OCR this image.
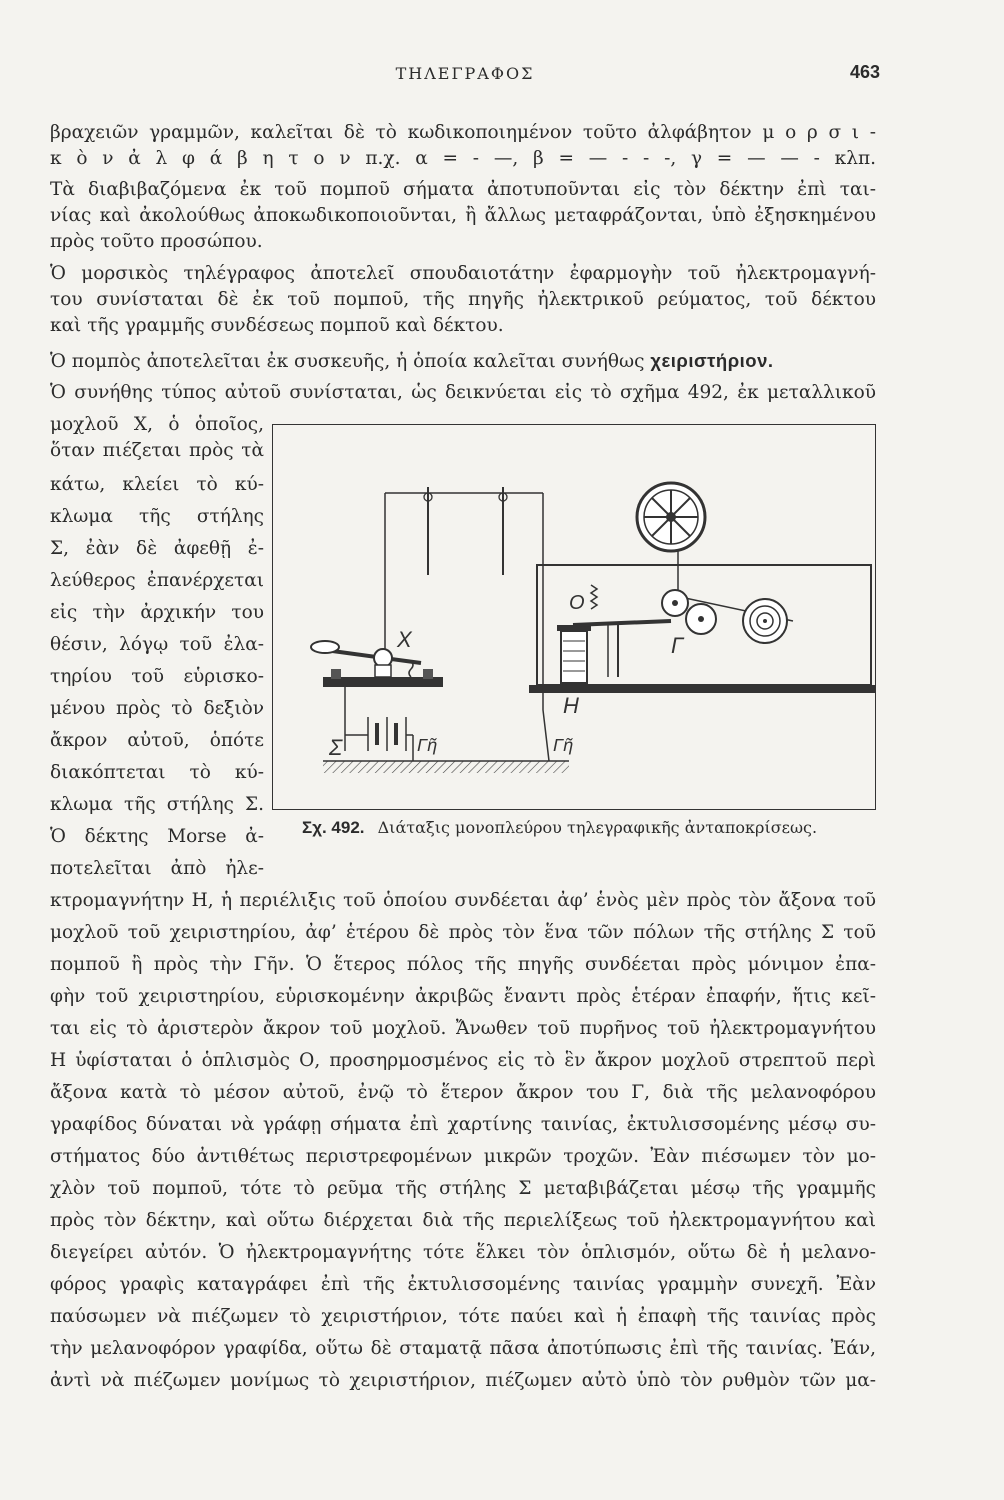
ΤΗΛΕΓΡΑΦΟΣ	463
βραχειῶν γραμμῶν, καλεῖται δὲ τὸ κωδικοποιημένον τοῦτο ἀλφάβητον μ ο ρ σ ι -
κ ὸ ν ἀ λ φ ά β η τ ο ν π.χ. α = - —, β = — - - -, γ = — — - κλπ.
Τὰ διαβιβαζόμενα ἐκ τοῦ πομποῦ σήματα ἀποτυποῦνται εἰς τὸν δέκτην ἐπὶ ται-
νίας καὶ ἀκολούθως ἀποκωδικοποιοῦνται, ἢ ἄλλως μεταφράζονται, ὑπὸ ἐξησκημένου
πρὸς τοῦτο προσώπου.
Ὁ μορσικὸς τηλέγραφος ἀποτελεῖ σπουδαιοτάτην ἐφαρμογὴν τοῦ ἠλεκτρομαγνή-
του συνίσταται δὲ ἐκ τοῦ πομποῦ, τῆς πηγῆς ἠλεκτρικοῦ ρεύματος, τοῦ δέκτου
καὶ τῆς γραμμῆς συνδέσεως πομποῦ καὶ δέκτου.
Ὁ πομπὸς ἀποτελεῖται ἐκ συσκευῆς, ἡ ὁποία καλεῖται συνήθως χειριστήριον.
Ὁ συνήθης τύπος αὐτοῦ συνίσταται, ὡς δεικνύεται εἰς τὸ σχῆμα 492, ἐκ μεταλλικοῦ
μοχλοῦ Χ, ὁ ὁποῖος,
ὅταν πιέζεται πρὸς τὰ
κάτω, κλείει τὸ κύ-
κλωμα τῆς στήλης
Σ, ἐὰν δὲ ἀφεθῇ ἐ-
λεύθερος ἐπανέρχεται
εἰς τὴν ἀρχικήν του
θέσιν, λόγῳ τοῦ ἐλα-
τηρίου τοῦ εὑρισκο-
μένου πρὸς τὸ δεξιὸν
ἄκρον αὐτοῦ, ὁπότε
διακόπτεται τὸ κύ-
κλωμα τῆς στήλης Σ.
Ὁ δέκτης Morse ἀ-
ποτελεῖται ἀπὸ ἠλε-
X
Σ	Γῆ	Γῆ
H
O
Γ
Σχ. 492. Διάταξις μονοπλεύρου τηλεγραφικῆς ἀνταποκρίσεως.
κτρομαγνήτην Η, ἡ περιέλιξις τοῦ ὁποίου συνδέεται ἀφ’ ἑνὸς μὲν πρὸς τὸν ἄξονα τοῦ
μοχλοῦ τοῦ χειριστηρίου, ἀφ’ ἑτέρου δὲ πρὸς τὸν ἕνα τῶν πόλων τῆς στήλης Σ τοῦ
πομποῦ ἢ πρὸς τὴν Γῆν. Ὁ ἕτερος πόλος τῆς πηγῆς συνδέεται πρὸς μόνιμον ἐπα-
φὴν τοῦ χειριστηρίου, εὑρισκομένην ἀκριβῶς ἔναντι πρὸς ἑτέραν ἐπαφήν, ἥτις κεῖ-
ται εἰς τὸ ἀριστερὸν ἄκρον τοῦ μοχλοῦ. Ἄνωθεν τοῦ πυρῆνος τοῦ ἠλεκτρομαγνήτου
Η ὑφίσταται ὁ ὁπλισμὸς Ο, προσηρμοσμένος εἰς τὸ ἓν ἄκρον μοχλοῦ στρεπτοῦ περὶ
ἄξονα κατὰ τὸ μέσον αὐτοῦ, ἐνῷ τὸ ἕτερον ἄκρον του Γ, διὰ τῆς μελανοφόρου
γραφίδος δύναται νὰ γράφῃ σήματα ἐπὶ χαρτίνης ταινίας, ἐκτυλισσομένης μέσῳ συ-
στήματος δύο ἀντιθέτως περιστρεφομένων μικρῶν τροχῶν. Ἐὰν πιέσωμεν τὸν μο-
χλὸν τοῦ πομποῦ, τότε τὸ ρεῦμα τῆς στήλης Σ μεταβιβάζεται μέσῳ τῆς γραμμῆς
πρὸς τὸν δέκτην, καὶ οὕτω διέρχεται διὰ τῆς περιελίξεως τοῦ ἠλεκτρομαγνήτου καὶ
διεγείρει αὐτόν. Ὁ ἠλεκτρομαγνήτης τότε ἕλκει τὸν ὁπλισμόν, οὕτω δὲ ἡ μελανο-
φόρος γραφὶς καταγράφει ἐπὶ τῆς ἐκτυλισσομένης ταινίας γραμμὴν συνεχῆ. Ἐὰν
παύσωμεν νὰ πιέζωμεν τὸ χειριστήριον, τότε παύει καὶ ἡ ἐπαφὴ τῆς ταινίας πρὸς
τὴν μελανοφόρον γραφίδα, οὕτω δὲ σταματᾷ πᾶσα ἀποτύπωσις ἐπὶ τῆς ταινίας. Ἐάν,
ἀντὶ νὰ πιέζωμεν μονίμως τὸ χειριστήριον, πιέζωμεν αὐτὸ ὑπὸ τὸν ρυθμὸν τῶν μα-
